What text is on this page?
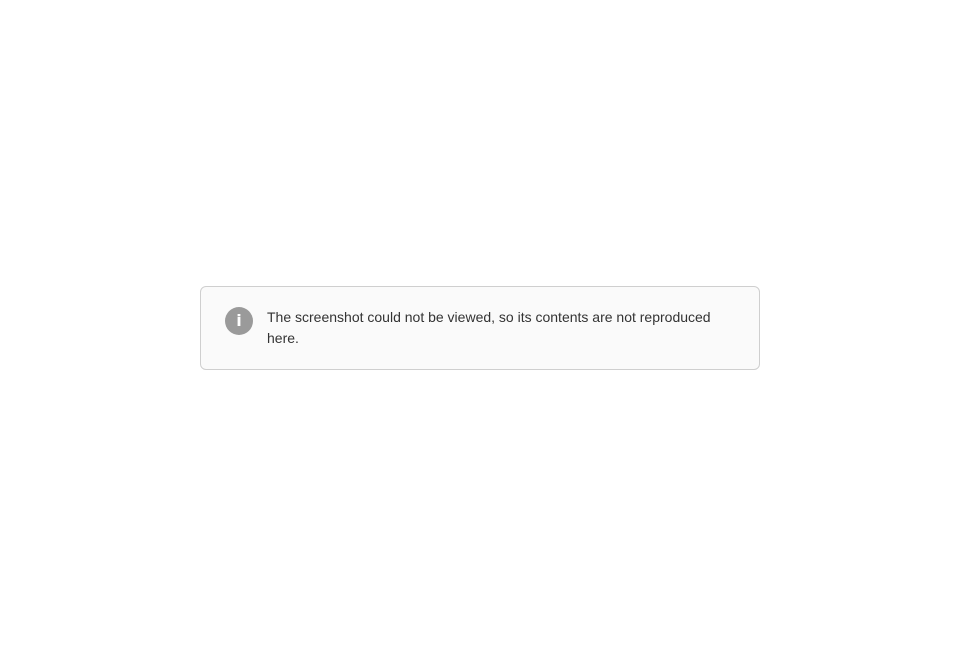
i	The screenshot could not be viewed, so its contents are not reproduced here.
